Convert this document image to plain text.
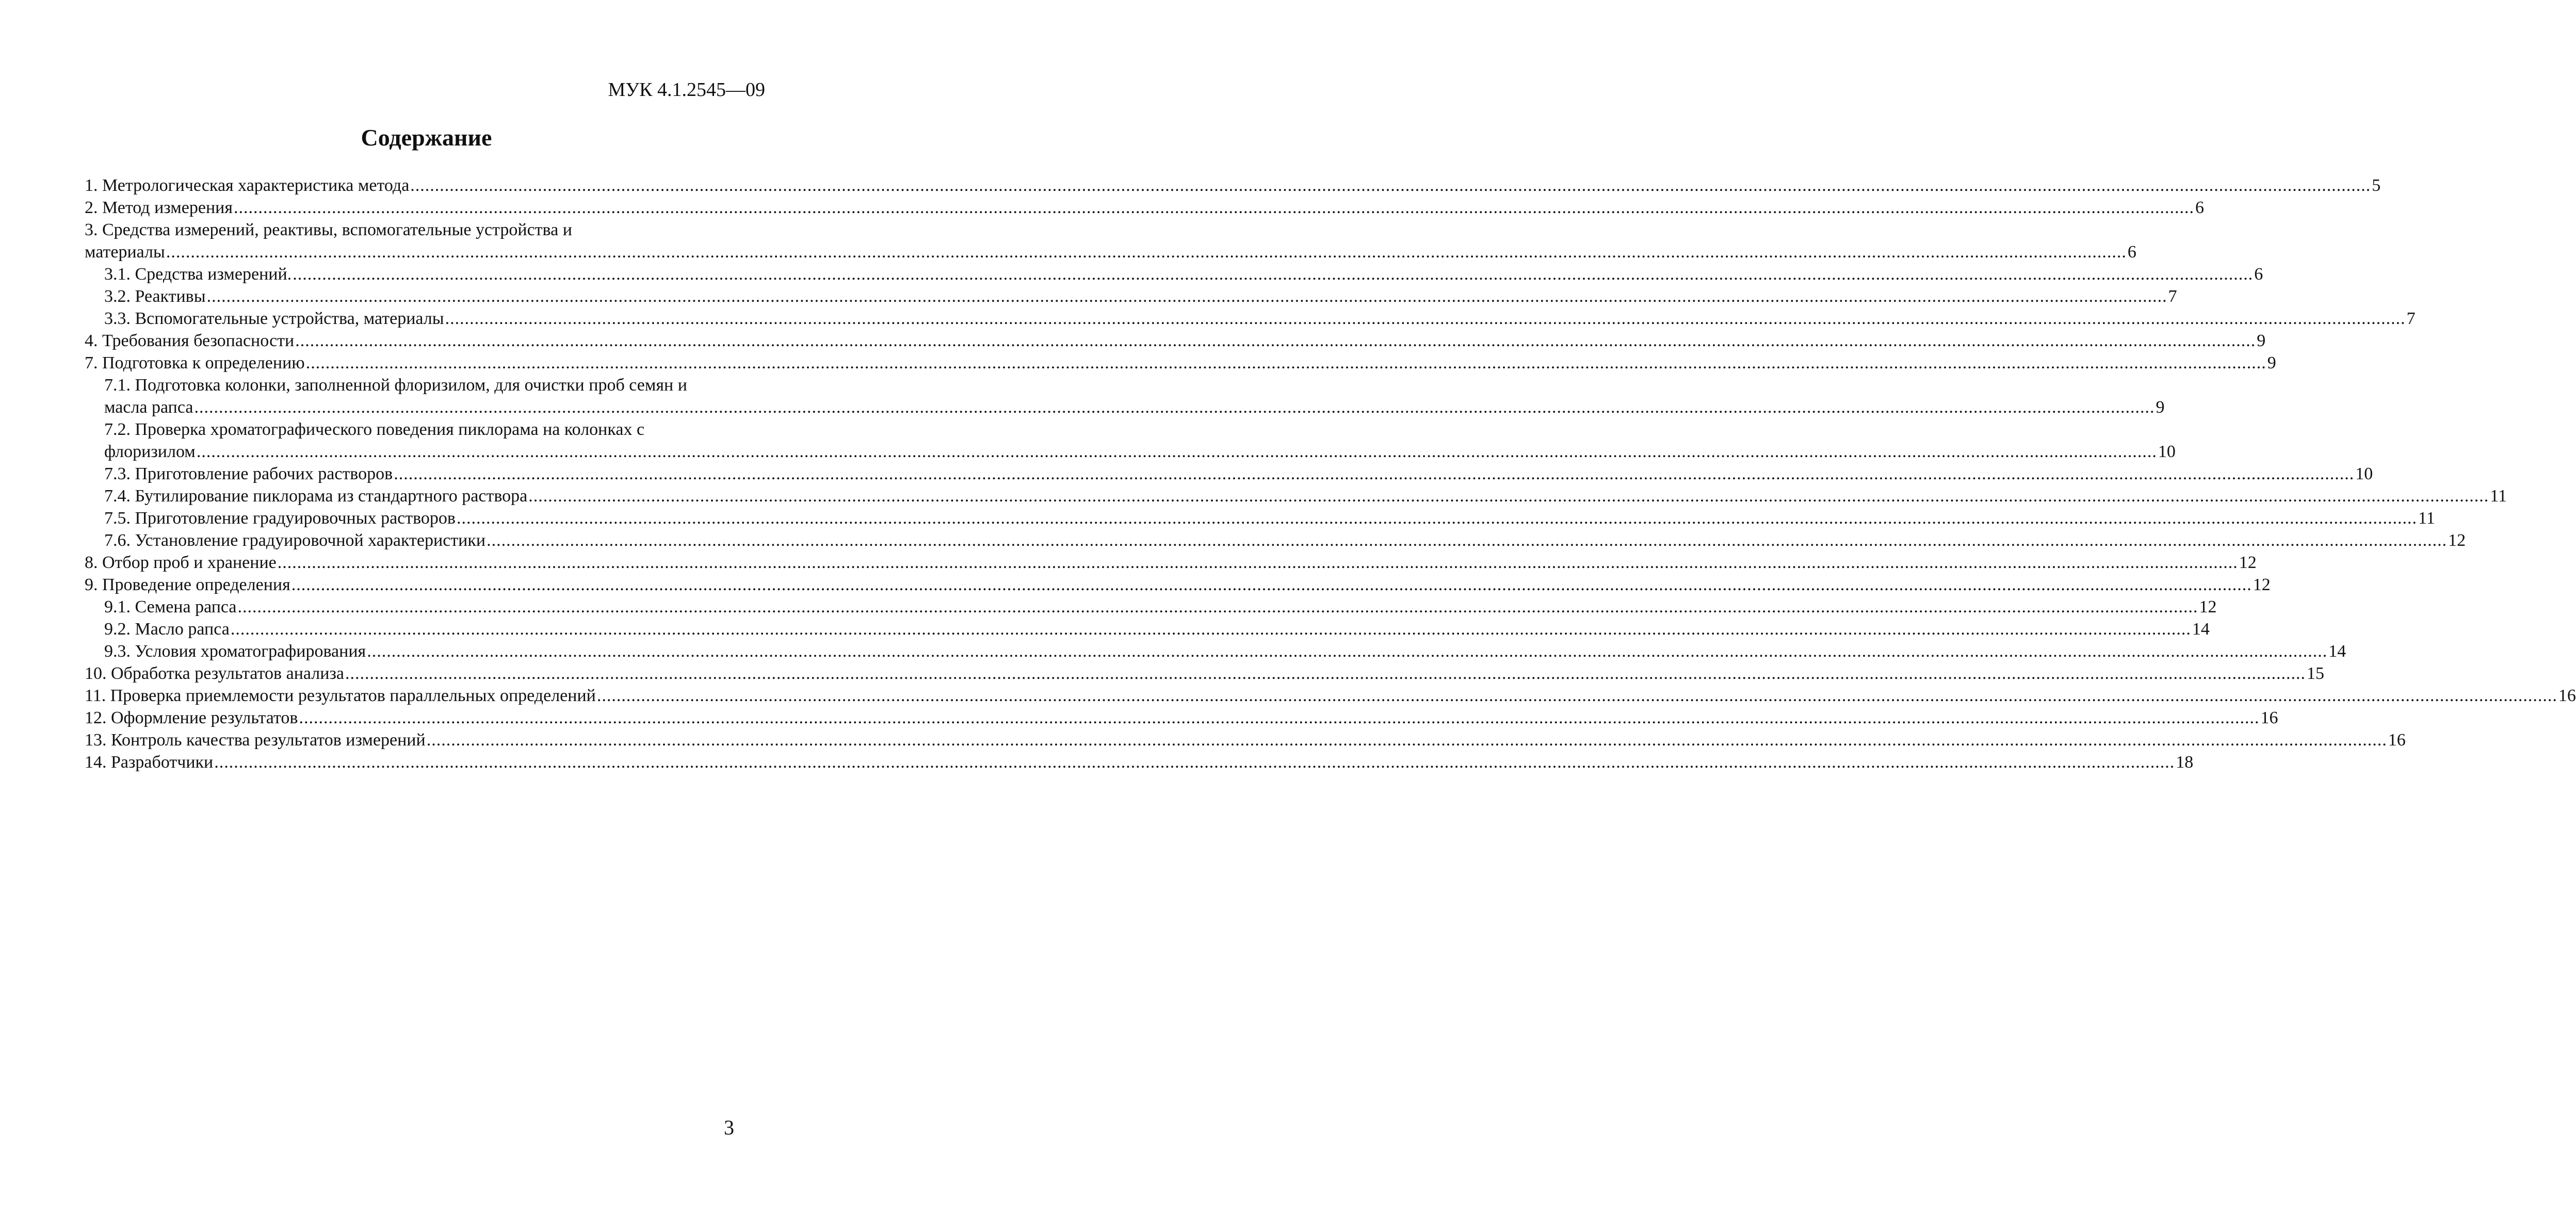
МУК 4.1.2545—09
Содержание
1. Метрологическая характеристика метода ................................................................................................................................................................................................................................................................................................................................................................................................................ 5
2. Метод измерения ................................................................................................................................................................................................................................................................................................................................................................................................................ 6
3. Средства измерений, реактивы, вспомогательные устройства и
материалы ................................................................................................................................................................................................................................................................................................................................................................................................................ 6
3.1. Средства измерений. ................................................................................................................................................................................................................................................................................................................................................................................................................ 6
3.2. Реактивы ................................................................................................................................................................................................................................................................................................................................................................................................................ 7
3.3. Вспомогательные устройства, материалы ................................................................................................................................................................................................................................................................................................................................................................................................................ 7
4. Требования безопасности ................................................................................................................................................................................................................................................................................................................................................................................................................ 9
7. Подготовка к определению ................................................................................................................................................................................................................................................................................................................................................................................................................ 9
7.1. Подготовка колонки, заполненной флоризилом, для очистки проб семян и
масла рапса ................................................................................................................................................................................................................................................................................................................................................................................................................ 9
7.2. Проверка хроматографического поведения пиклорама на колонках с
флоризилом ................................................................................................................................................................................................................................................................................................................................................................................................................ 10
7.3. Приготовление рабочих растворов ................................................................................................................................................................................................................................................................................................................................................................................................................ 10
7.4. Бутилирование пиклорама из стандартного раствора ................................................................................................................................................................................................................................................................................................................................................................................................................ 11
7.5. Приготовление градуировочных растворов ................................................................................................................................................................................................................................................................................................................................................................................................................ 11
7.6. Установление градуировочной характеристики ................................................................................................................................................................................................................................................................................................................................................................................................................ 12
8. Отбор проб и хранение ................................................................................................................................................................................................................................................................................................................................................................................................................ 12
9. Проведение определения ................................................................................................................................................................................................................................................................................................................................................................................................................ 12
9.1. Семена рапса ................................................................................................................................................................................................................................................................................................................................................................................................................ 12
9.2. Масло рапса ................................................................................................................................................................................................................................................................................................................................................................................................................ 14
9.3. Условия хроматографирования ................................................................................................................................................................................................................................................................................................................................................................................................................ 14
10. Обработка результатов анализа ................................................................................................................................................................................................................................................................................................................................................................................................................ 15
11. Проверка приемлемости результатов параллельных определений ................................................................................................................................................................................................................................................................................................................................................................................................................ 16
12. Оформление результатов ................................................................................................................................................................................................................................................................................................................................................................................................................ 16
13. Контроль качества результатов измерений ................................................................................................................................................................................................................................................................................................................................................................................................................ 16
14. Разработчики ................................................................................................................................................................................................................................................................................................................................................................................................................ 18
3
